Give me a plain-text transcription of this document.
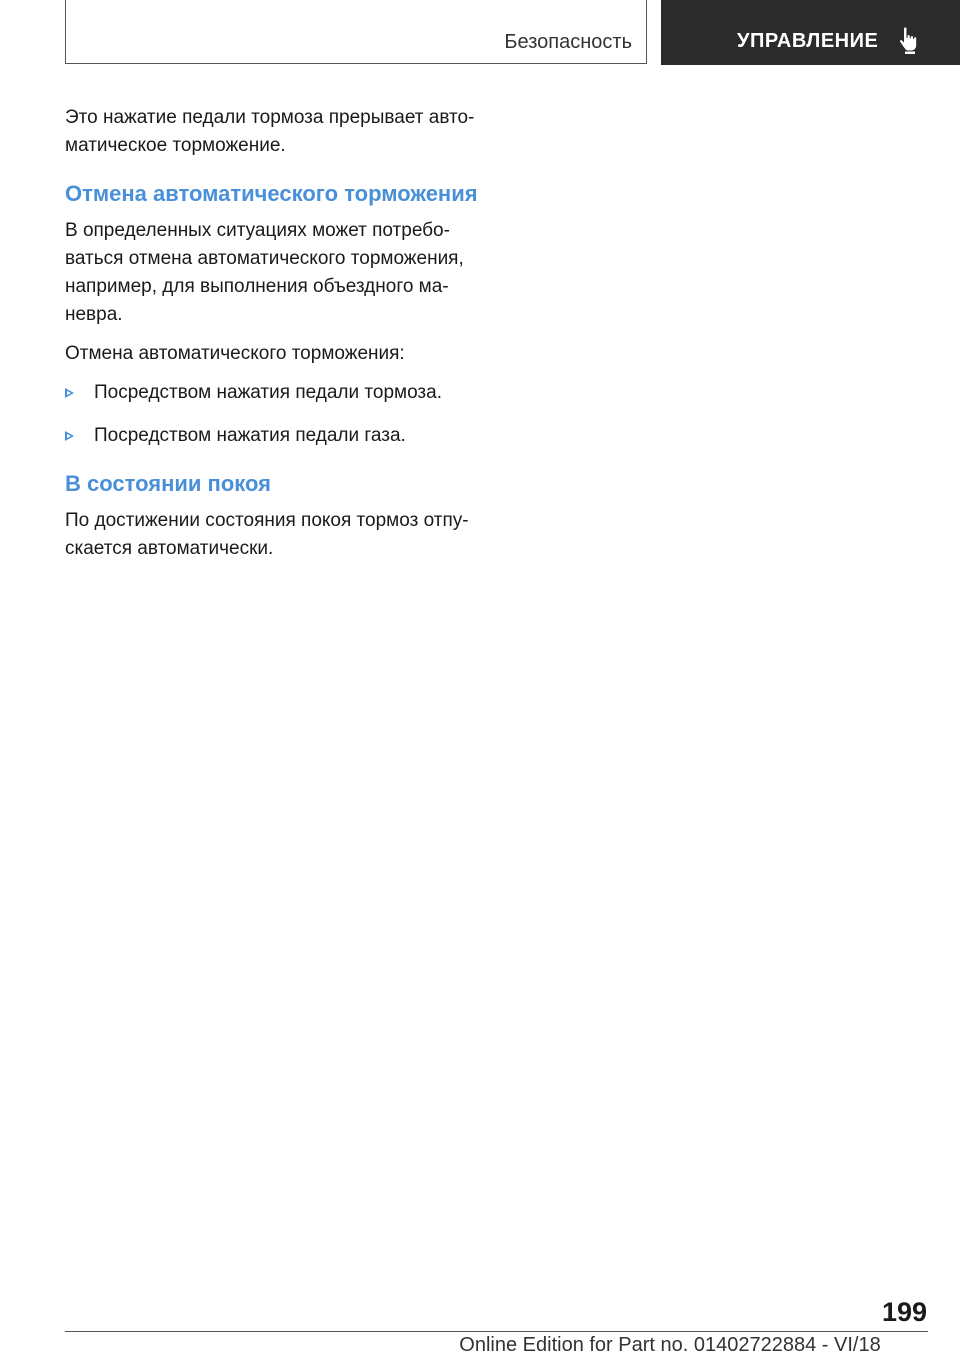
Безопасность	УПРАВЛЕНИЕ

Это нажатие педали тормоза прерывает авто-
матическое торможение.

Отмена автоматического торможения

В определенных ситуациях может потребо-
ваться отмена автоматического торможения,
например, для выполнения объездного ма-
невра.

Отмена автоматического торможения:

Посредством нажатия педали тормоза.
Посредством нажатия педали газа.
В состоянии покоя

По достижении состояния покоя тормоз отпу-
скается автоматически.

199
Online Edition for Part no. 01402722884 - VI/18
